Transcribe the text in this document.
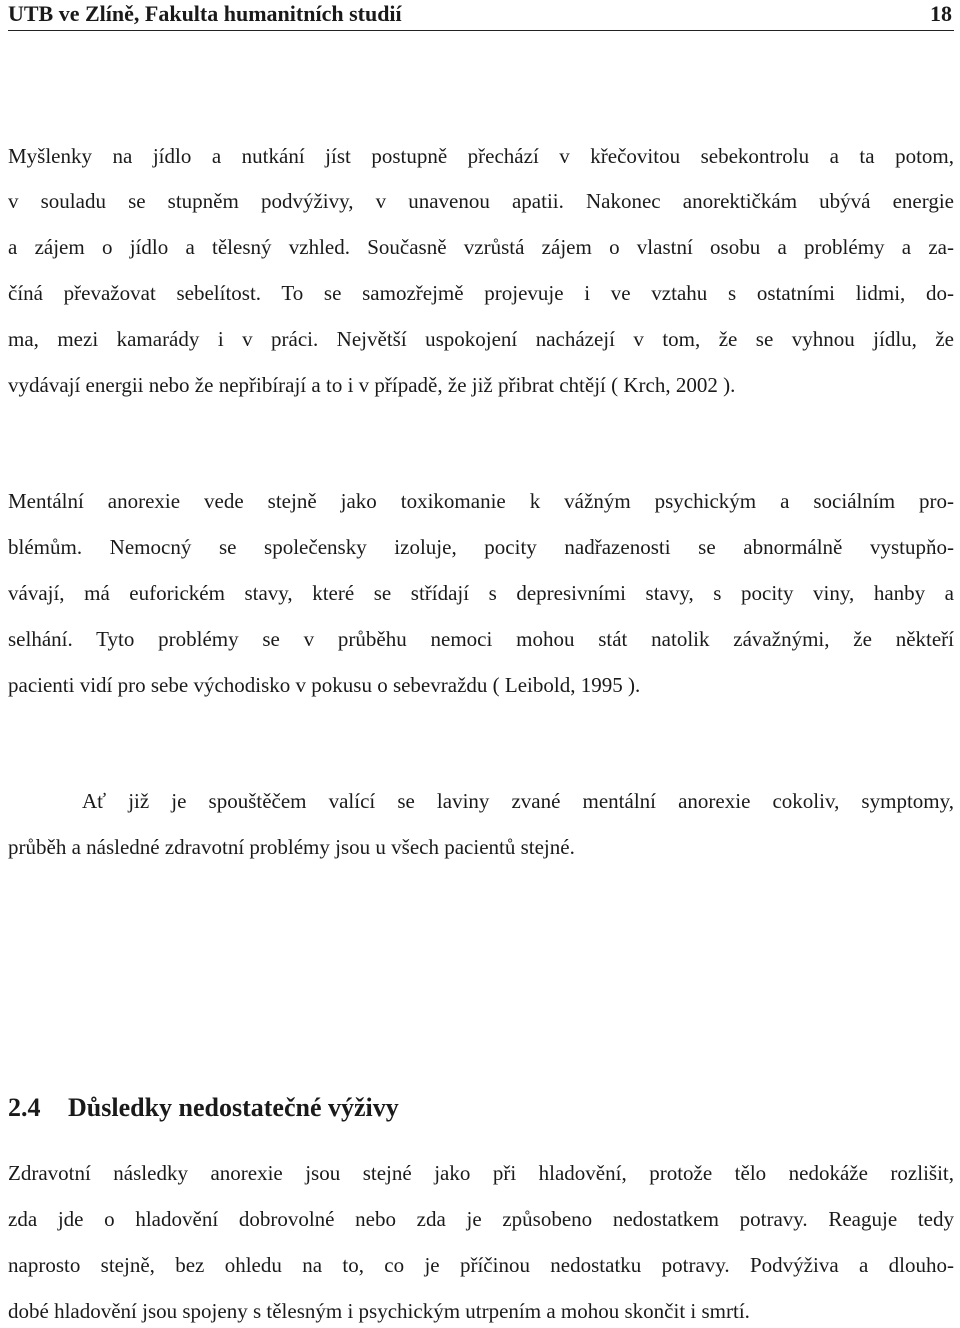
UTB ve Zlíně, Fakulta humanitních studií	18
Myšlenky na jídlo a nutkání jíst postupně přechází v křečovitou sebekontrolu a ta potom,
v souladu se stupněm podvýživy, v unavenou apatii. Nakonec anorektičkám ubývá energie
a zájem o jídlo a tělesný vzhled. Současně vzrůstá zájem o vlastní osobu a problémy a za-
číná převažovat sebelítost. To se samozřejmě projevuje i ve vztahu s ostatními lidmi, do-
ma, mezi kamarády i v práci. Největší uspokojení nacházejí v tom, že se vyhnou jídlu, že
vydávají energii nebo že nepřibírají a to i v případě, že již přibrat chtějí ( Krch, 2002 ).
Mentální anorexie vede stejně jako toxikomanie k vážným psychickým a sociálním pro-
blémům. Nemocný se společensky izoluje, pocity nadřazenosti se abnormálně vystupňo-
vávají, má euforickém stavy, které se střídají s depresivními stavy, s pocity viny, hanby a
selhání. Tyto problémy se v průběhu nemoci mohou stát natolik závažnými, že někteří
pacienti vidí pro sebe východisko v pokusu o sebevraždu ( Leibold, 1995 ).
Ať již je spouštěčem valící se laviny zvané mentální anorexie cokoliv, symptomy,
průběh a následné zdravotní problémy jsou u všech pacientů stejné.
2.4 Důsledky nedostatečné výživy
Zdravotní následky anorexie jsou stejné jako při hladovění, protože tělo nedokáže rozlišit,
zda jde o hladovění dobrovolné nebo zda je způsobeno nedostatkem potravy. Reaguje tedy
naprosto stejně, bez ohledu na to, co je příčinou nedostatku potravy. Podvýživa a dlouho-
dobé hladovění jsou spojeny s tělesným i psychickým utrpením a mohou skončit i smrtí.
